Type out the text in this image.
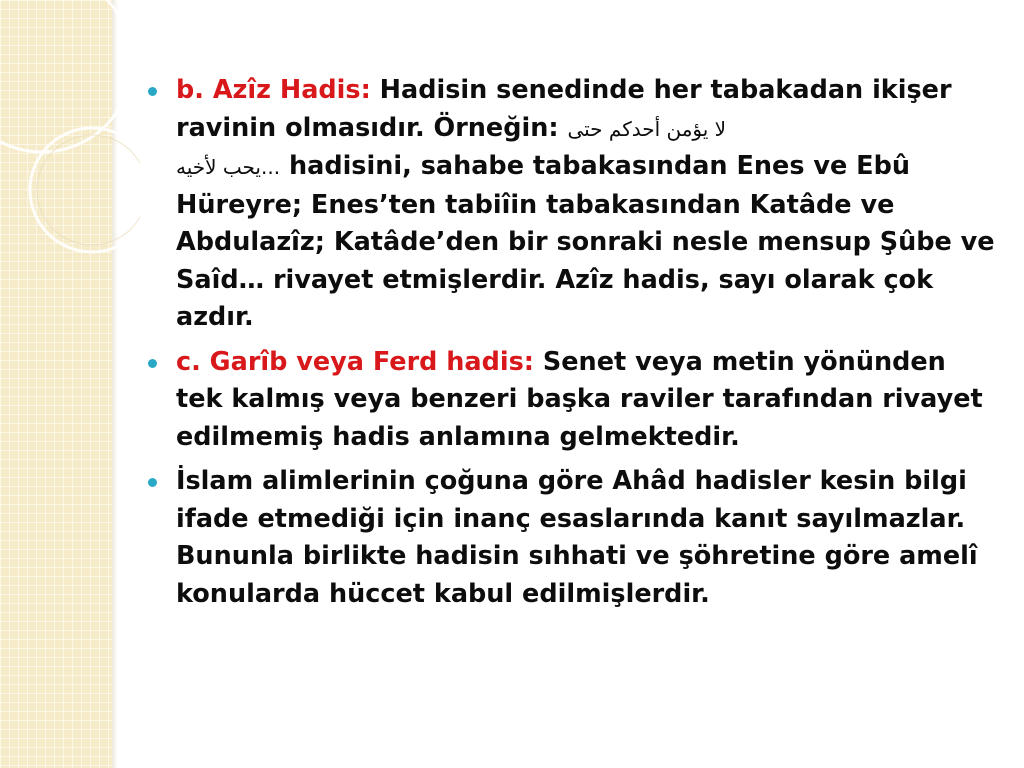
b. Azîz Hadis: Hadisin senedinde her tabakadan ikişer ravinin olmasıdır. Örneğin: لا يؤمن أحدكم حتى
...يحب لأخيه hadisini, sahabe tabakasından Enes ve Ebû Hüreyre; Enes’ten tabiîin tabakasından Katâde ve Abdulazîz; Katâde’den bir sonraki nesle mensup Şûbe ve Saîd… rivayet etmişlerdir. Azîz hadis, sayı olarak çok azdır.
c. Garîb veya Ferd hadis: Senet veya metin yönünden tek kalmış veya benzeri başka raviler tarafından rivayet edilmemiş hadis anlamına gelmektedir.
İslam alimlerinin çoğuna göre Ahâd hadisler kesin bilgi ifade etmediği için inanç esaslarında kanıt sayılmazlar. Bununla birlikte hadisin sıhhati ve şöhretine göre amelî konularda hüccet kabul edilmişlerdir.
